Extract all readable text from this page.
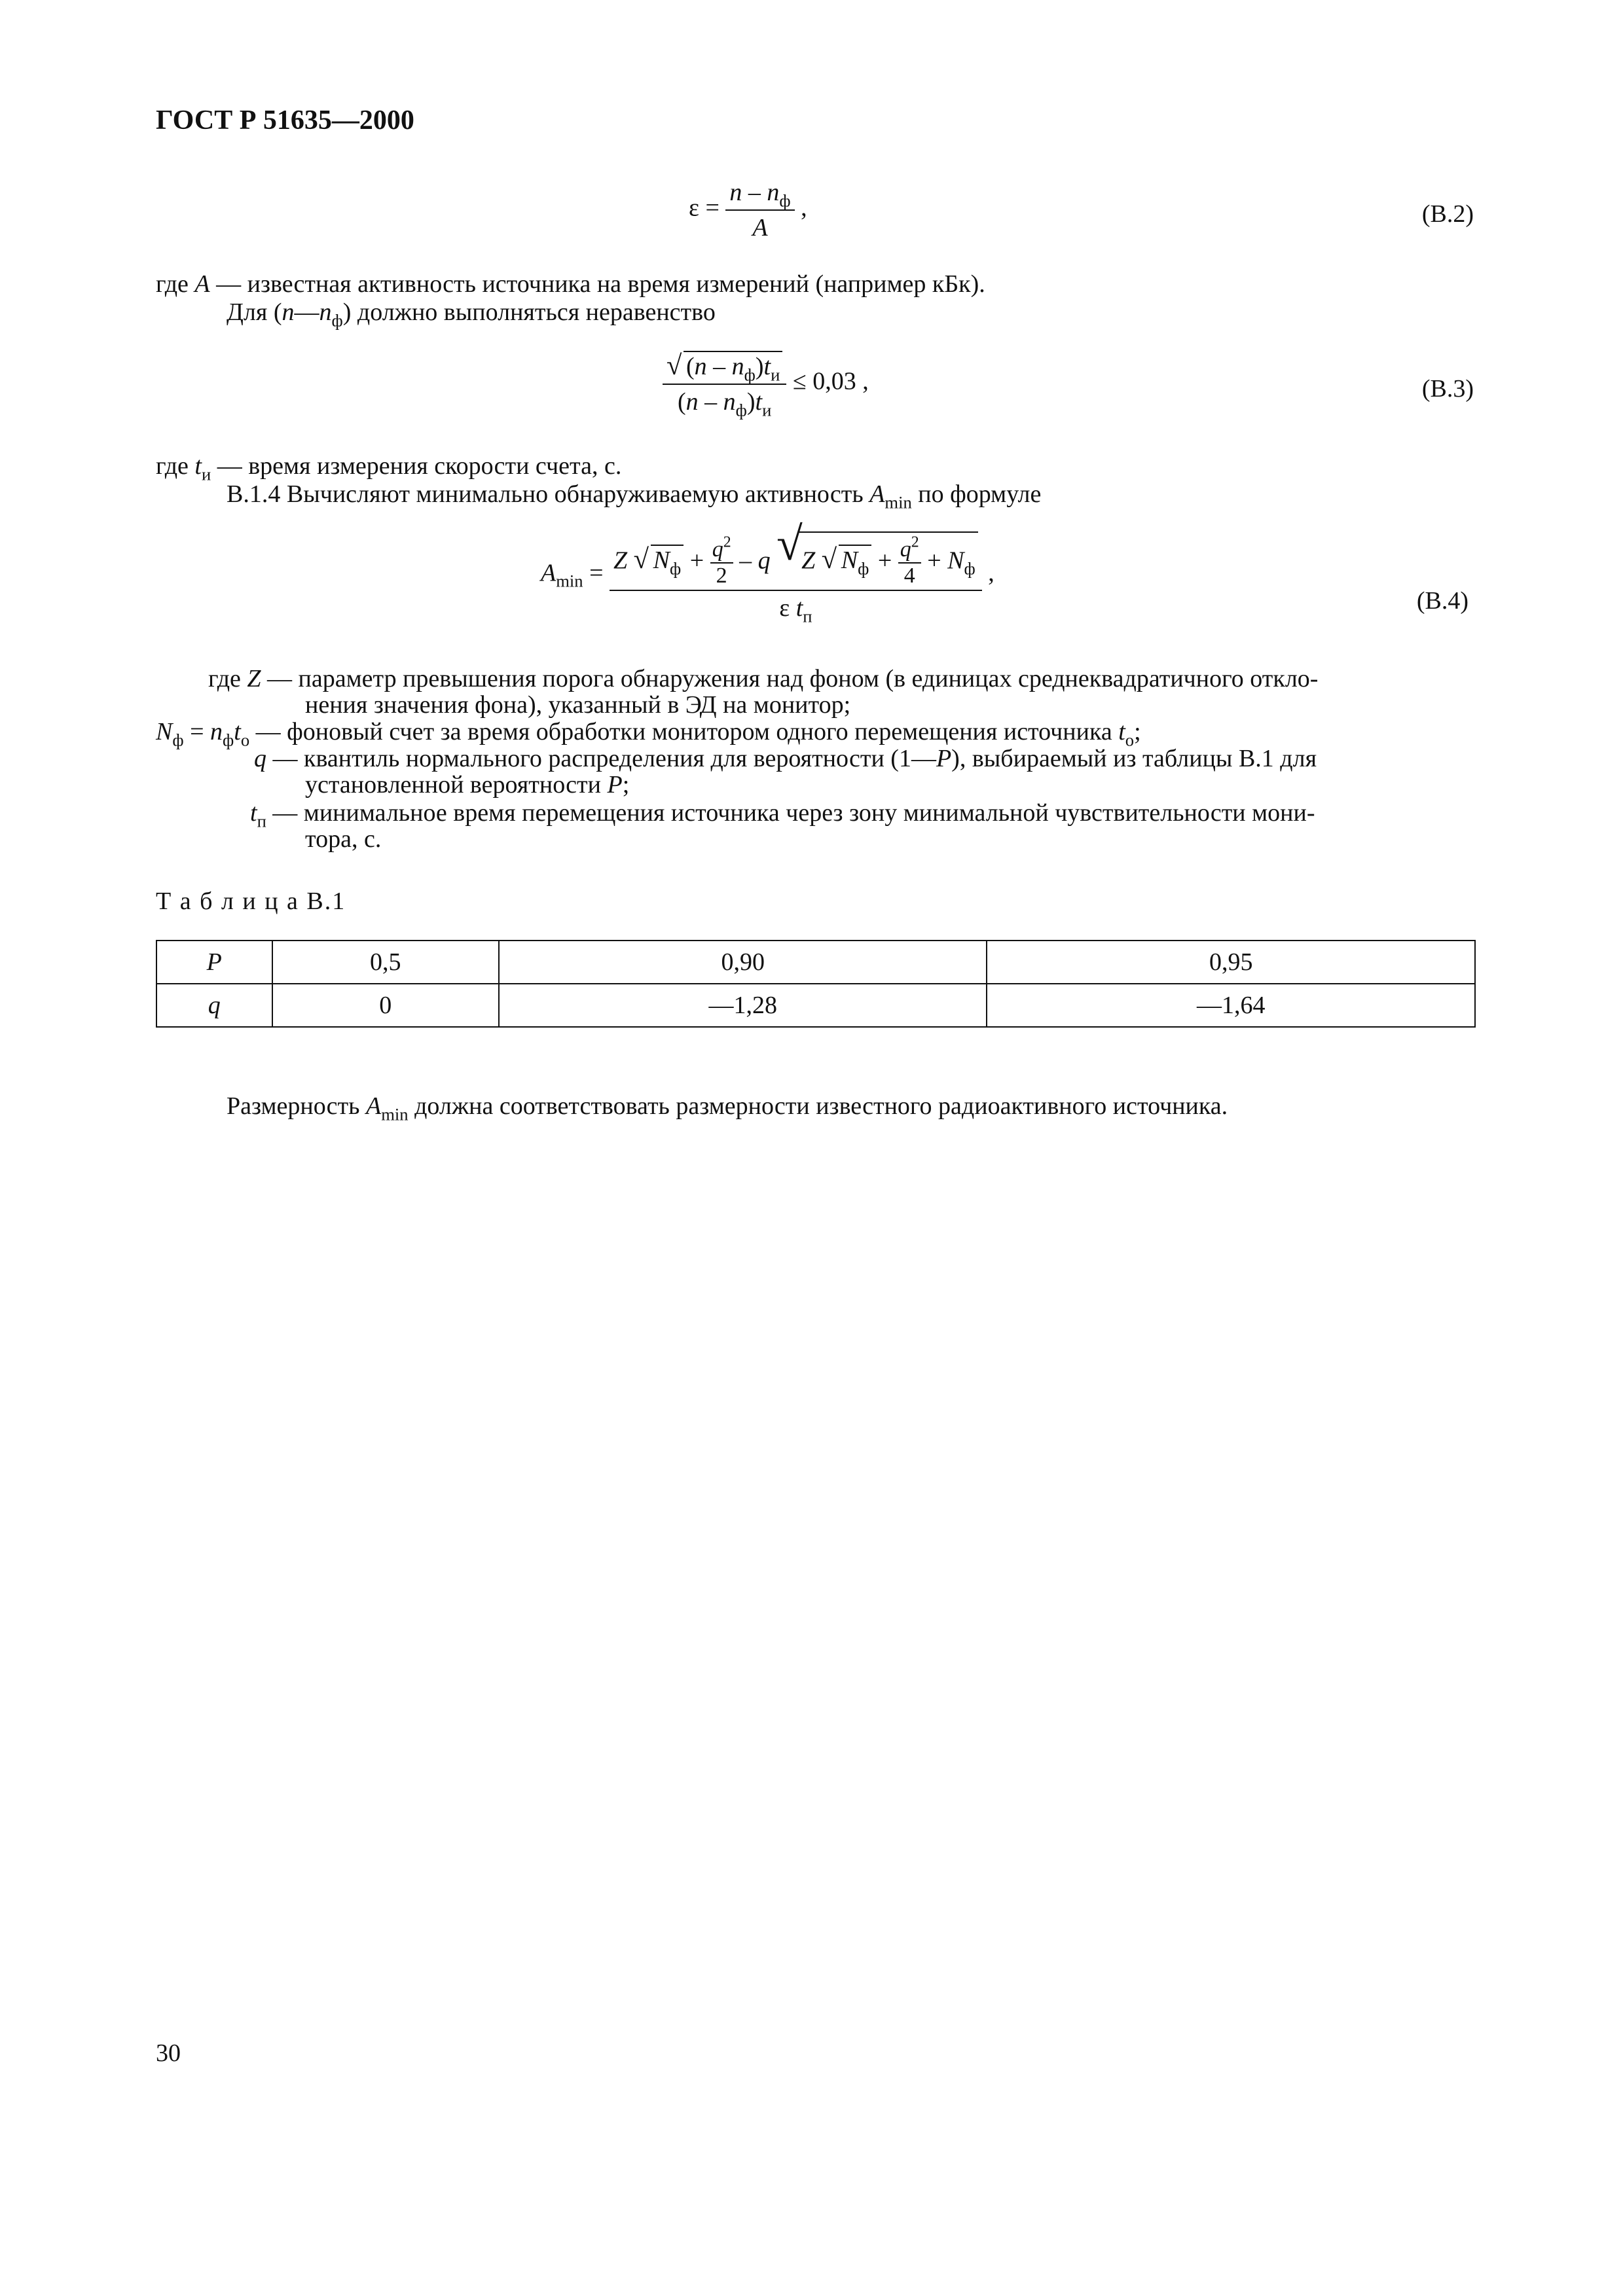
ГОСТ Р 51635—2000
$\varepsilon = \frac{n - n_ф}{A}$ ,	(В.2)
где A — известная активность источника на время измерений (например кБк).
Для $(n—n_ф)$ должно выполняться неравенство
√ $\frac{(n - n_ф)t_и}{(n - n_ф)t_и} \le 0,03$ ,	(В.3)
где $t_и$ — время измерения скорости счета, с.
В.1.4 Вычисляют минимально обнаруживаемую активность $A_{min}$ по формуле
$A_{min} = Z$ √ $N_ф + \frac{q^2}{2} - q$ √ Z √ $N_ф + \frac{q^2}{4} + N_ф$
ε $t_п$
,
(В.4)
где Z — параметр превышения порога обнаружения над фоном (в единицах среднеквадратичного откло-
нения значения фона), указанный в ЭД на монитор;
$N_ф = n_фt_о$ — фоновый счет за время обработки монитором одного перемещения источника $t_о$;
q — квантиль нормального распределения для вероятности (1—P), выбираемый из таблицы В.1 для
установленной вероятности P;
$t_п$ — минимальное время перемещения источника через зону минимальной чувствительности мони-
тора, с.
Т а б л и ц а В.1
P	0,5	0,90	0,95
q	0	—1,28	—1,64
Размерность $A_{min}$ должна соответствовать размерности известного радиоактивного источника.
30
